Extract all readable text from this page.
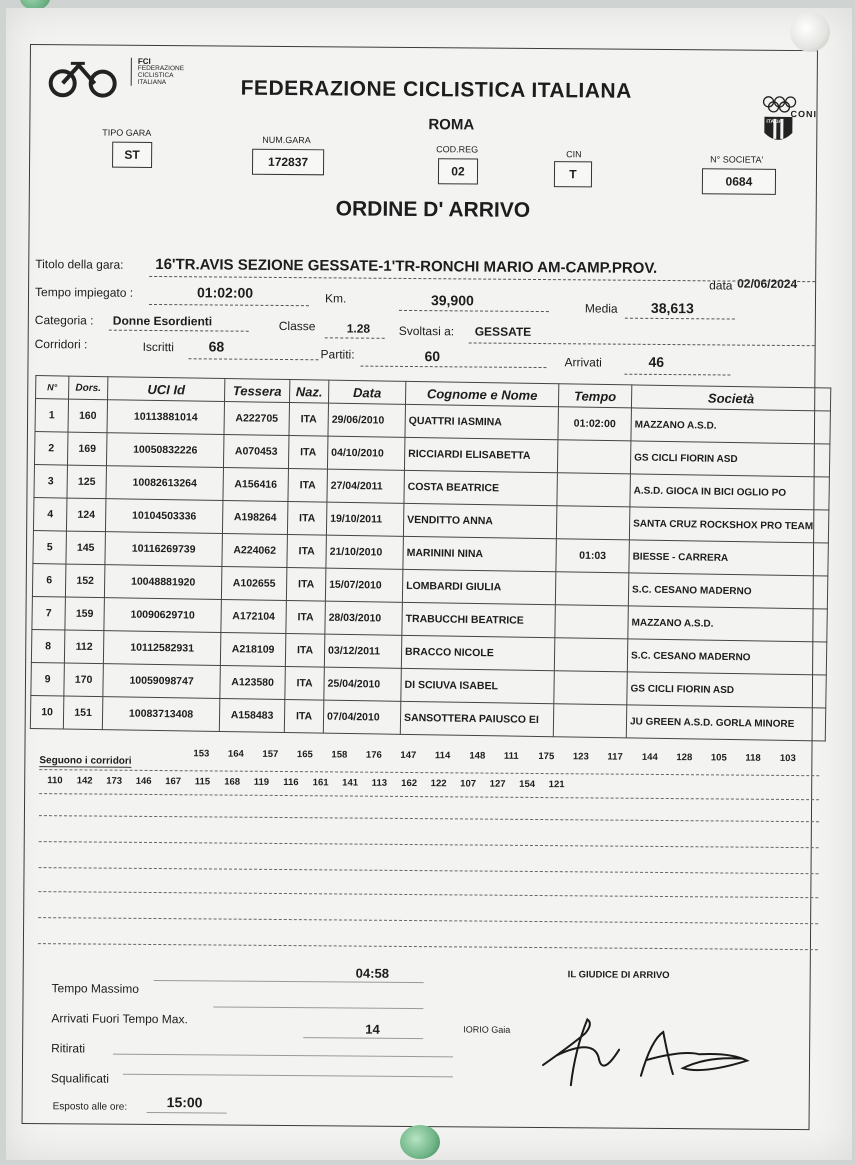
FCI
FEDERAZIONE
CICLISTICA
ITALIANA	FEDERAZIONE CICLISTICA ITALIANA
ROMA	ITALIA
CONI
TIPO GARA
ST
NUM.GARA
172837
COD.REG
02
CIN
T
N° SOCIETA'
0684
ORDINE D' ARRIVO
Titolo della gara: 16'TR.AVIS SEZIONE GESSATE-1'TR-RONCHI MARIO AM-CAMP.PROV.
data 02/06/2024
Tempo impiegato :	01:02:00	Km.	39,900
Media 38,613
Categoria : Donne Esordienti	Classe	1.28 Svoltasi a: GESSATE
Corridori :	Iscritti 68	Partiti:	60	Arrivati	46
N°	Dors.	UCI Id	Tessera	Naz.	Data	Cognome e Nome	Tempo	Società
1	160	10113881014	A222705	ITA	29/06/2010	QUATTRI IASMINA	01:02:00	MAZZANO A.S.D.
2	169	10050832226	A070453	ITA	04/10/2010	RICCIARDI ELISABETTA		GS CICLI FIORIN ASD
3	125	10082613264	A156416	ITA	27/04/2011	COSTA BEATRICE		A.S.D. GIOCA IN BICI OGLIO PO
4	124	10104503336	A198264	ITA	19/10/2011	VENDITTO ANNA		SANTA CRUZ ROCKSHOX PRO TEAM
5	145	10116269739	A224062	ITA	21/10/2010	MARININI NINA	01:03	BIESSE - CARRERA
6	152	10048881920	A102655	ITA	15/07/2010	LOMBARDI GIULIA		S.C. CESANO MADERNO
7	159	10090629710	A172104	ITA	28/03/2010	TRABUCCHI BEATRICE		MAZZANO A.S.D.
8	112	10112582931	A218109	ITA	03/12/2011	BRACCO NICOLE		S.C. CESANO MADERNO
9	170	10059098747	A123580	ITA	25/04/2010	DI SCIUVA ISABEL		GS CICLI FIORIN ASD
10	151	10083713408	A158483	ITA	07/04/2010	SANSOTTERA PAIUSCO EI		JU GREEN A.S.D. GORLA MINORE
Seguono i corridori
153 164 157 165 158 176 147 114 148 111 175 123 117 144 128 105 118 103
110 142 173 146 167 115 168 119 116 161 141 113 162 122 107 127 154 121
Tempo Massimo
04:58
Arrivati Fuori Tempo Max.
14
Ritirati
Squalificati
Esposto alle ore:	15:00
IL GIUDICE DI ARRIVO
IORIO Gaia
